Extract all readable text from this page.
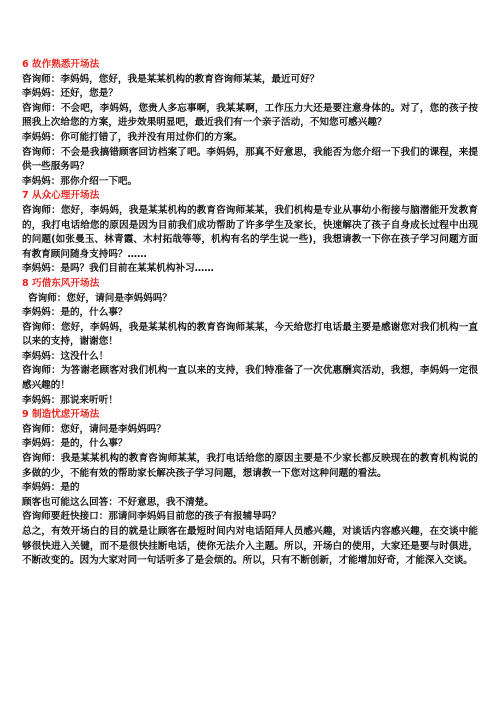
6 故作熟悉开场法

咨询师：李妈妈，您好，我是某某机构的教育咨询师某某，最近可好？

李妈妈：还好，您是？

咨询师：不会吧，李妈妈，您贵人多忘事啊，我某某啊，工作压力大还是要注意身体的。对了，您的孩子按照我上次给您的方案，进步效果明显吧，最近我们有一个亲子活动，不知您可感兴趣？

李妈妈：你可能打错了，我并没有用过你们的方案。

咨询师：不会是我搞错顾客回访档案了吧。李妈妈，那真不好意思，我能否为您介绍一下我们的课程，来提供一些服务吗？

李妈妈：那你介绍一下吧。

7 从众心理开场法

咨询师：您好，李妈妈，我是某某机构的教育咨询师某某，我们机构是专业从事幼小衔接与脑潜能开发教育的，我打电话给您的原因是因为目前我们成功帮助了许多学生及家长，快速解决了孩子自身成长过程中出现的问题(如张曼玉、林青霞、木村拓哉等等，机构有名的学生说一些)，我想请教一下你在孩子学习问题方面有教育顾问随身支持吗？……

李妈妈：是吗？我们目前在某某机构补习……

8 巧借东风开场法

咨询师：您好，请问是李妈妈吗？

李妈妈：是的，什么事？

咨询师：您好，李妈妈，我是某某机构的教育咨询师某某，今天给您打电话最主要是感谢您对我们机构一直以来的支持，谢谢您！

李妈妈：这没什么！

咨询师：为答谢老顾客对我们机构一直以来的支持，我们特准备了一次优惠酬宾活动，我想，李妈妈一定很感兴趣的！

李妈妈：那说来听听！

9 制造忧虑开场法

咨询师：您好，请问是李妈妈吗？

李妈妈：是的，什么事？

咨询师：我是某某机构的教育咨询师某某，我打电话给您的原因主要是不少家长都反映现在的教育机构说的多做的少，不能有效的帮助家长解决孩子学习问题，想请教一下您对这种问题的看法。

李妈妈：是的

顾客也可能这么回答：不好意思，我不清楚。

咨询师要赶快接口：那请问李妈妈目前您的孩子有报辅导吗？

总之，有效开场白的目的就是让顾客在最短时间内对电话陌拜人员感兴趣，对谈话内容感兴趣，在交谈中能够很快进入关键，而不是很快挂断电话，使你无法介入主题。所以，开场白的使用，大家还是要与时俱进，不断改变的。因为大家对同一句话听多了是会烦的。所以，只有不断创新，才能增加好奇，才能深入交谈。
